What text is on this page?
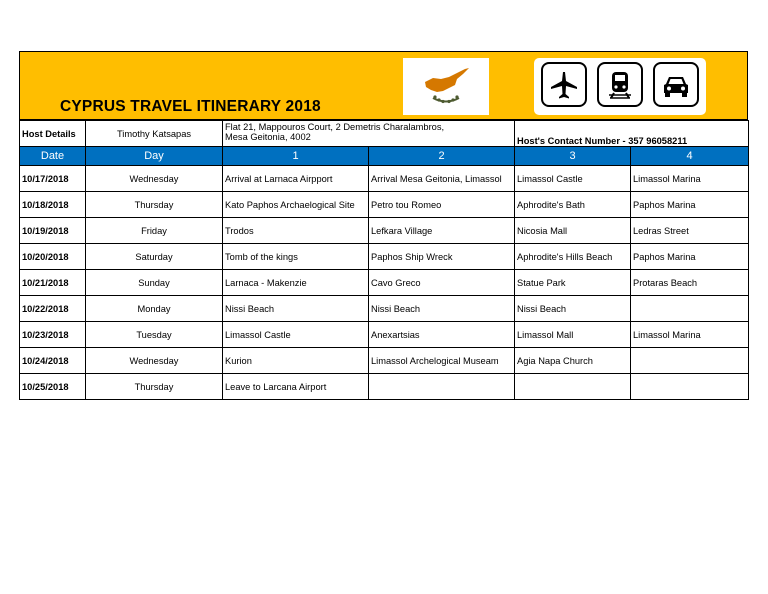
CYPRUS TRAVEL ITINERARY 2018
Host Details	Timothy Katsapas	Flat 21, Mappouros Court, 2 Demetris Charalambros,
Mesa Geitonia, 4002		Host's Contact Number - 357 96058211	
Date	Day	1	2	3	4
10/17/2018	Wednesday	Arrival at Larnaca Airpport	Arrival Mesa Geitonia, Limassol	Limassol Castle	Limassol Marina
10/18/2018	Thursday	Kato Paphos Archaelogical Site	Petro tou Romeo	Aphrodite's Bath	Paphos Marina
10/19/2018	Friday	Trodos	Lefkara Village	Nicosia Mall	Ledras Street
10/20/2018	Saturday	Tomb of the kings	Paphos Ship Wreck	Aphrodite's Hills Beach	Paphos Marina
10/21/2018	Sunday	Larnaca - Makenzie	Cavo Greco	Statue Park	Protaras Beach
10/22/2018	Monday	Nissi Beach	Nissi Beach	Nissi Beach	
10/23/2018	Tuesday	Limassol Castle	Anexartsias	Limassol Mall	Limassol Marina
10/24/2018	Wednesday	Kurion	Limassol Archelogical Museam	Agia Napa Church	
10/25/2018	Thursday	Leave to Larcana Airport			
